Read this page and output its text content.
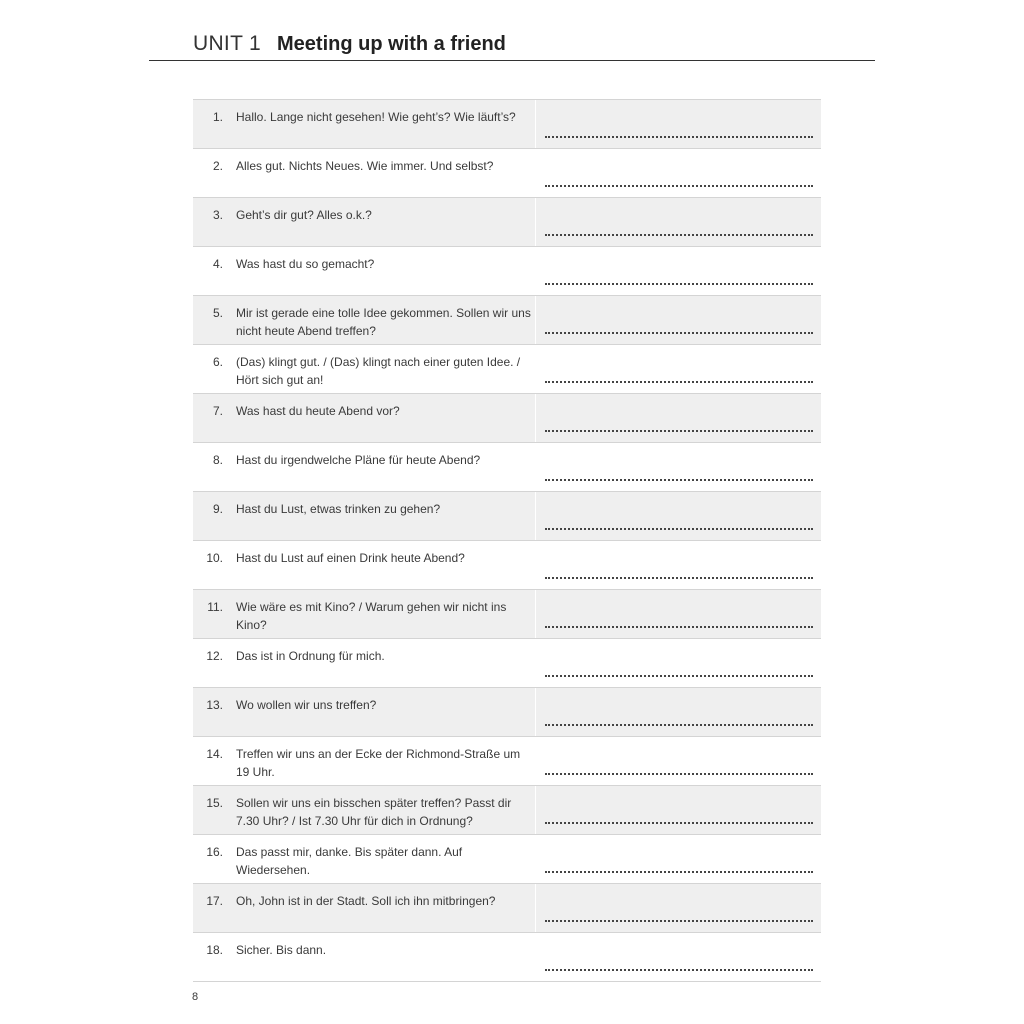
UNIT 1 Meeting up with a friend
1. Hallo. Lange nicht gesehen! Wie geht’s? Wie läuft’s?
2. Alles gut. Nichts Neues. Wie immer. Und selbst?
3. Geht’s dir gut? Alles o.k.?
4. Was hast du so gemacht?
5. Mir ist gerade eine tolle Idee gekommen. Sollen wir uns nicht heute Abend treffen?
6. (Das) klingt gut. / (Das) klingt nach einer guten Idee. / Hört sich gut an!
7. Was hast du heute Abend vor?
8. Hast du irgendwelche Pläne für heute Abend?
9. Hast du Lust, etwas trinken zu gehen?
10. Hast du Lust auf einen Drink heute Abend?
11. Wie wäre es mit Kino? / Warum gehen wir nicht ins Kino?
12. Das ist in Ordnung für mich.
13. Wo wollen wir uns treffen?
14. Treffen wir uns an der Ecke der Richmond-Straße um 19 Uhr.
15. Sollen wir uns ein bisschen später treffen? Passt dir 7.30 Uhr? / Ist 7.30 Uhr für dich in Ordnung?
16. Das passt mir, danke. Bis später dann. Auf Wiedersehen.
17. Oh, John ist in der Stadt. Soll ich ihn mitbringen?
18. Sicher. Bis dann.
8
